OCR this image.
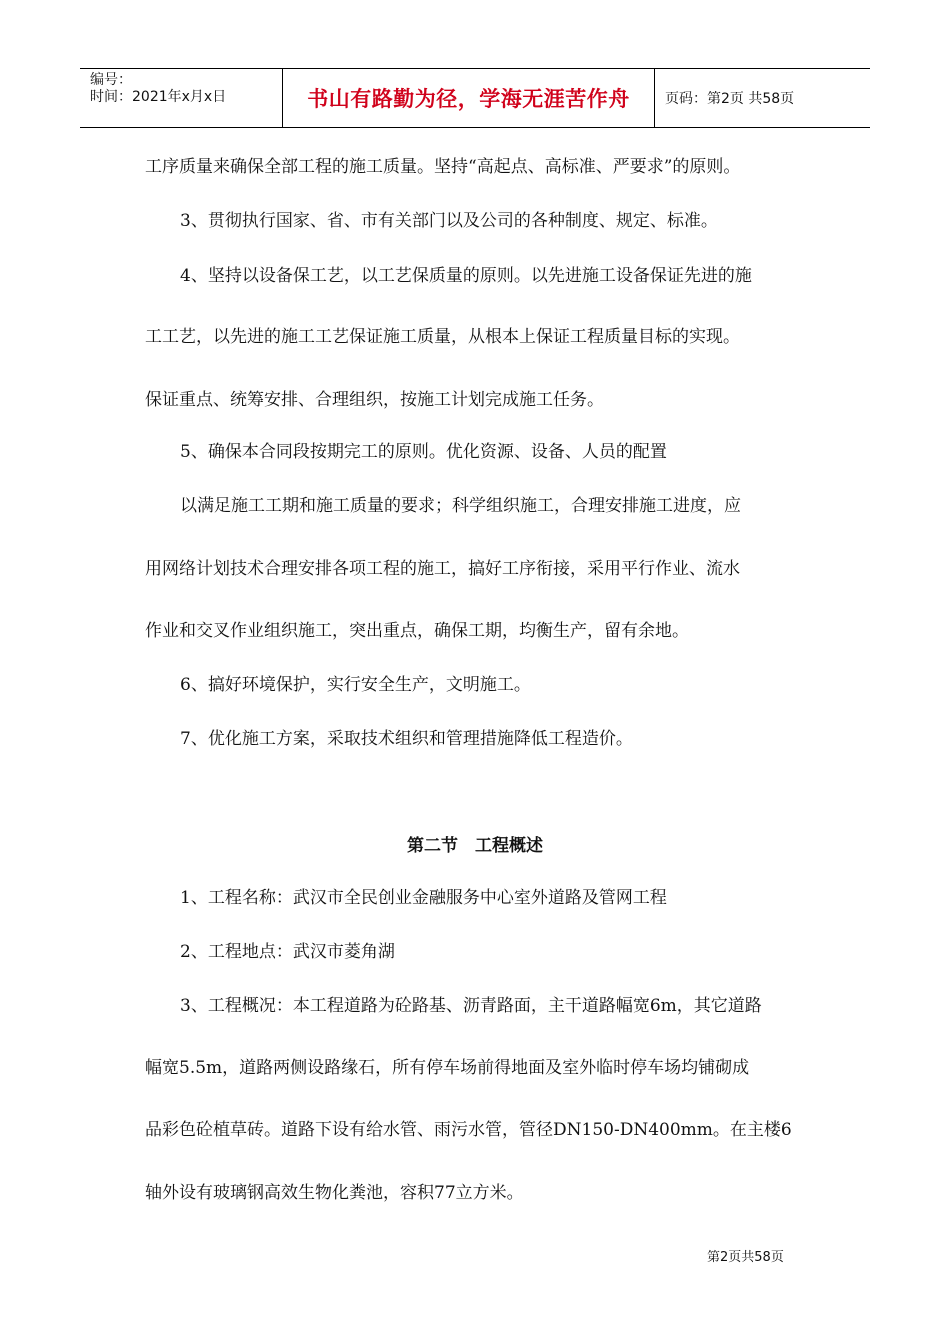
编号：
时间：2021年x月x日	书山有路勤为径，学海无涯苦作舟	页码：第2页 共58页
工序质量来确保全部工程的施工质量。坚持“高起点、高标准、严要求”的原则。
3、贯彻执行国家、省、市有关部门以及公司的各种制度、规定、标准。
4、坚持以设备保工艺，以工艺保质量的原则。以先进施工设备保证先进的施
工工艺，以先进的施工工艺保证施工质量，从根本上保证工程质量目标的实现。
保证重点、统筹安排、合理组织，按施工计划完成施工任务。
5、确保本合同段按期完工的原则。优化资源、设备、人员的配置
以满足施工工期和施工质量的要求；科学组织施工，合理安排施工进度，应
用网络计划技术合理安排各项工程的施工，搞好工序衔接，采用平行作业、流水
作业和交叉作业组织施工，突出重点，确保工期，均衡生产，留有余地。
6、搞好环境保护，实行安全生产，文明施工。
7、优化施工方案，采取技术组织和管理措施降低工程造价。
第二节　工程概述
1、工程名称：武汉市全民创业金融服务中心室外道路及管网工程
2、工程地点：武汉市菱角湖
3、工程概况：本工程道路为砼路基、沥青路面，主干道路幅宽6m，其它道路
幅宽5.5m，道路两侧设路缘石，所有停车场前得地面及室外临时停车场均铺砌成
品彩色砼植草砖。道路下设有给水管、雨污水管，管径DN150-DN400mm。在主楼6
轴外设有玻璃钢高效生物化粪池，容积77立方米。
第2页共58页
